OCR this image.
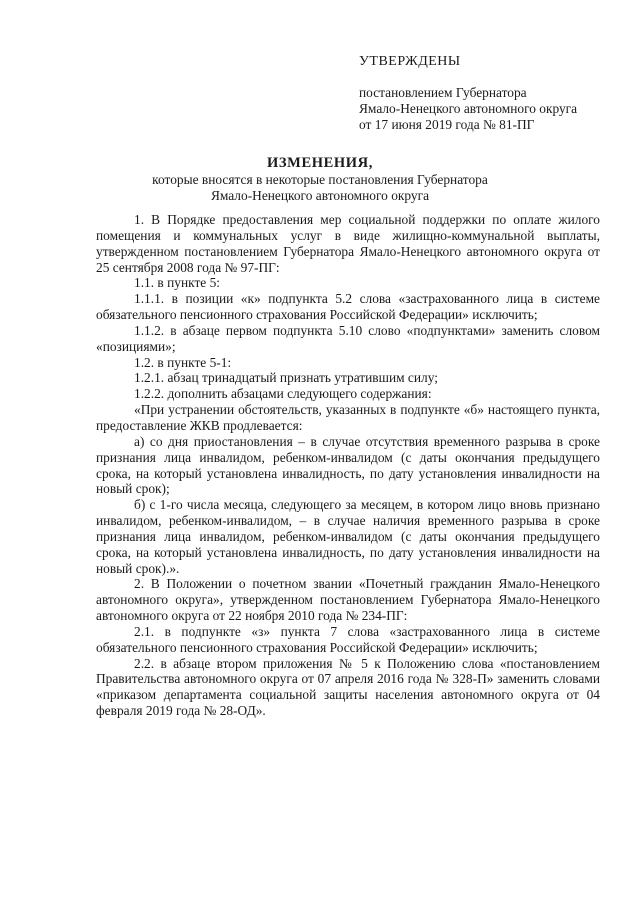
УТВЕРЖДЕНЫ
постановлением Губернатора
Ямало-Ненецкого автономного округа
от 17 июня 2019 года № 81-ПГ
ИЗМЕНЕНИЯ,
которые вносятся в некоторые постановления Губернатора
Ямало-Ненецкого автономного округа

1. В Порядке предоставления мер социальной поддержки по оплате жилого помещения и коммунальных услуг в виде жилищно-коммунальной выплаты, утвержденном постановлением Губернатора Ямало-Ненецкого автономного округа от 25 сентября 2008 года № 97-ПГ:

1.1. в пункте 5:

1.1.1. в позиции «к» подпункта 5.2 слова «застрахованного лица в системе обязательного пенсионного страхования Российской Федерации» исключить;

1.1.2. в абзаце первом подпункта 5.10 слово «подпунктами» заменить словом «позициями»;

1.2. в пункте 5-1:

1.2.1. абзац тринадцатый признать утратившим силу;

1.2.2. дополнить абзацами следующего содержания:

«При устранении обстоятельств, указанных в подпункте «б» настоящего пункта, предоставление ЖКВ продлевается:

а) со дня приостановления – в случае отсутствия временного разрыва в сроке признания лица инвалидом, ребенком-инвалидом (с даты окончания предыдущего срока, на который установлена инвалидность, по дату установления инвалидности на новый срок);

б) с 1-го числа месяца, следующего за месяцем, в котором лицо вновь признано инвалидом, ребенком-инвалидом, – в случае наличия временного разрыва в сроке признания лица инвалидом, ребенком-инвалидом (с даты окончания предыдущего срока, на который установлена инвалидность, по дату установления инвалидности на новый срок).».

2. В Положении о почетном звании «Почетный гражданин Ямало-Ненецкого автономного округа», утвержденном постановлением Губернатора Ямало-Ненецкого автономного округа от 22 ноября 2010 года № 234-ПГ:

2.1. в подпункте «з» пункта 7 слова «застрахованного лица в системе обязательного пенсионного страхования Российской Федерации» исключить;

2.2. в абзаце втором приложения № 5 к Положению слова «постановлением Правительства автономного округа от 07 апреля 2016 года № 328-П» заменить словами «приказом департамента социальной защиты населения автономного округа от 04 февраля 2019 года № 28-ОД».
